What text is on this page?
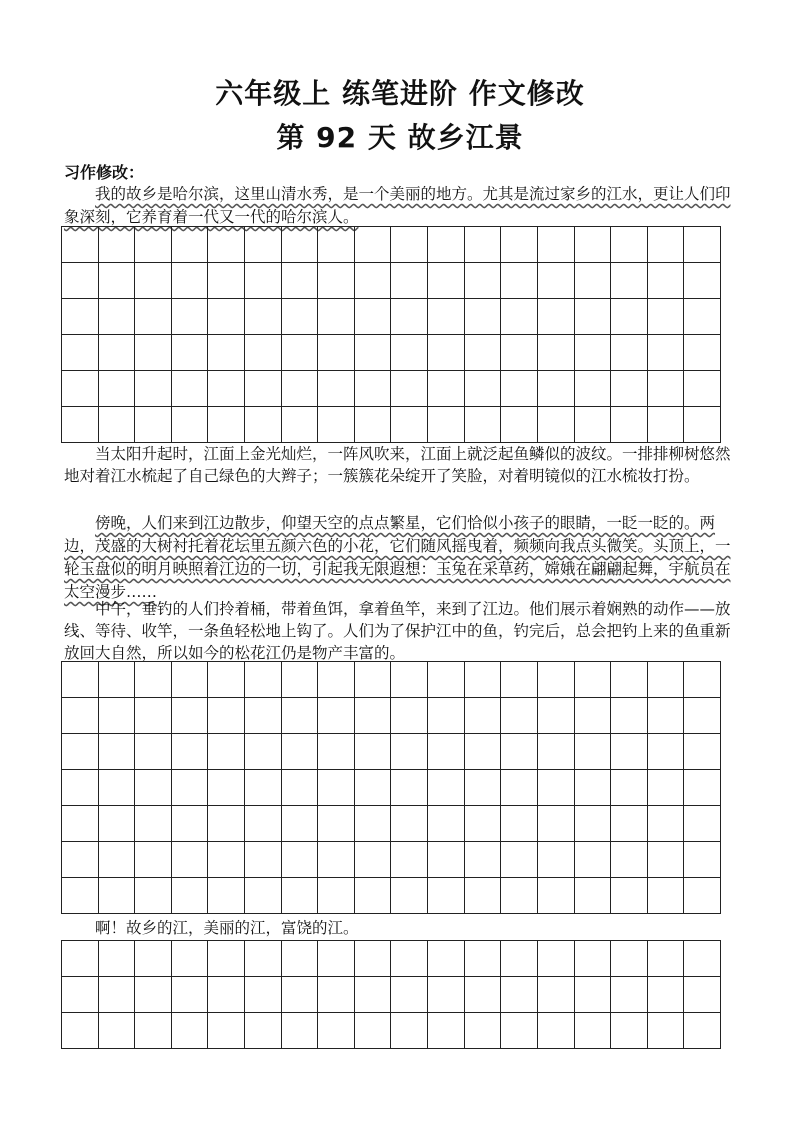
六年级上 练笔进阶 作文修改
第 92 天 故乡江景
习作修改：

我的故乡是哈尔滨，这里山清水秀，是一个美丽的地方。尤其是流过家乡的江水，更让人们印象深刻，它养育着一代又一代的哈尔滨人。

当太阳升起时，江面上金光灿烂，一阵风吹来，江面上就泛起鱼鳞似的波纹。一排排柳树悠然地对着江水梳起了自己绿色的大辫子；一簇簇花朵绽开了笑脸，对着明镜似的江水梳妆打扮。

傍晚，人们来到江边散步，仰望天空的点点繁星，它们恰似小孩子的眼睛，一眨一眨的。两边，茂盛的大树衬托着花坛里五颜六色的小花，它们随风摇曳着，频频向我点头微笑。头顶上，一轮玉盘似的明月映照着江边的一切，引起我无限遐想：玉兔在采草药，嫦娥在翩翩起舞，宇航员在太空漫步……

中午，垂钓的人们拎着桶，带着鱼饵，拿着鱼竿，来到了江边。他们展示着娴熟的动作——放线、等待、收竿，一条鱼轻松地上钩了。人们为了保护江中的鱼，钓完后，总会把钓上来的鱼重新放回大自然，所以如今的松花江仍是物产丰富的。

啊！故乡的江，美丽的江，富饶的江。
